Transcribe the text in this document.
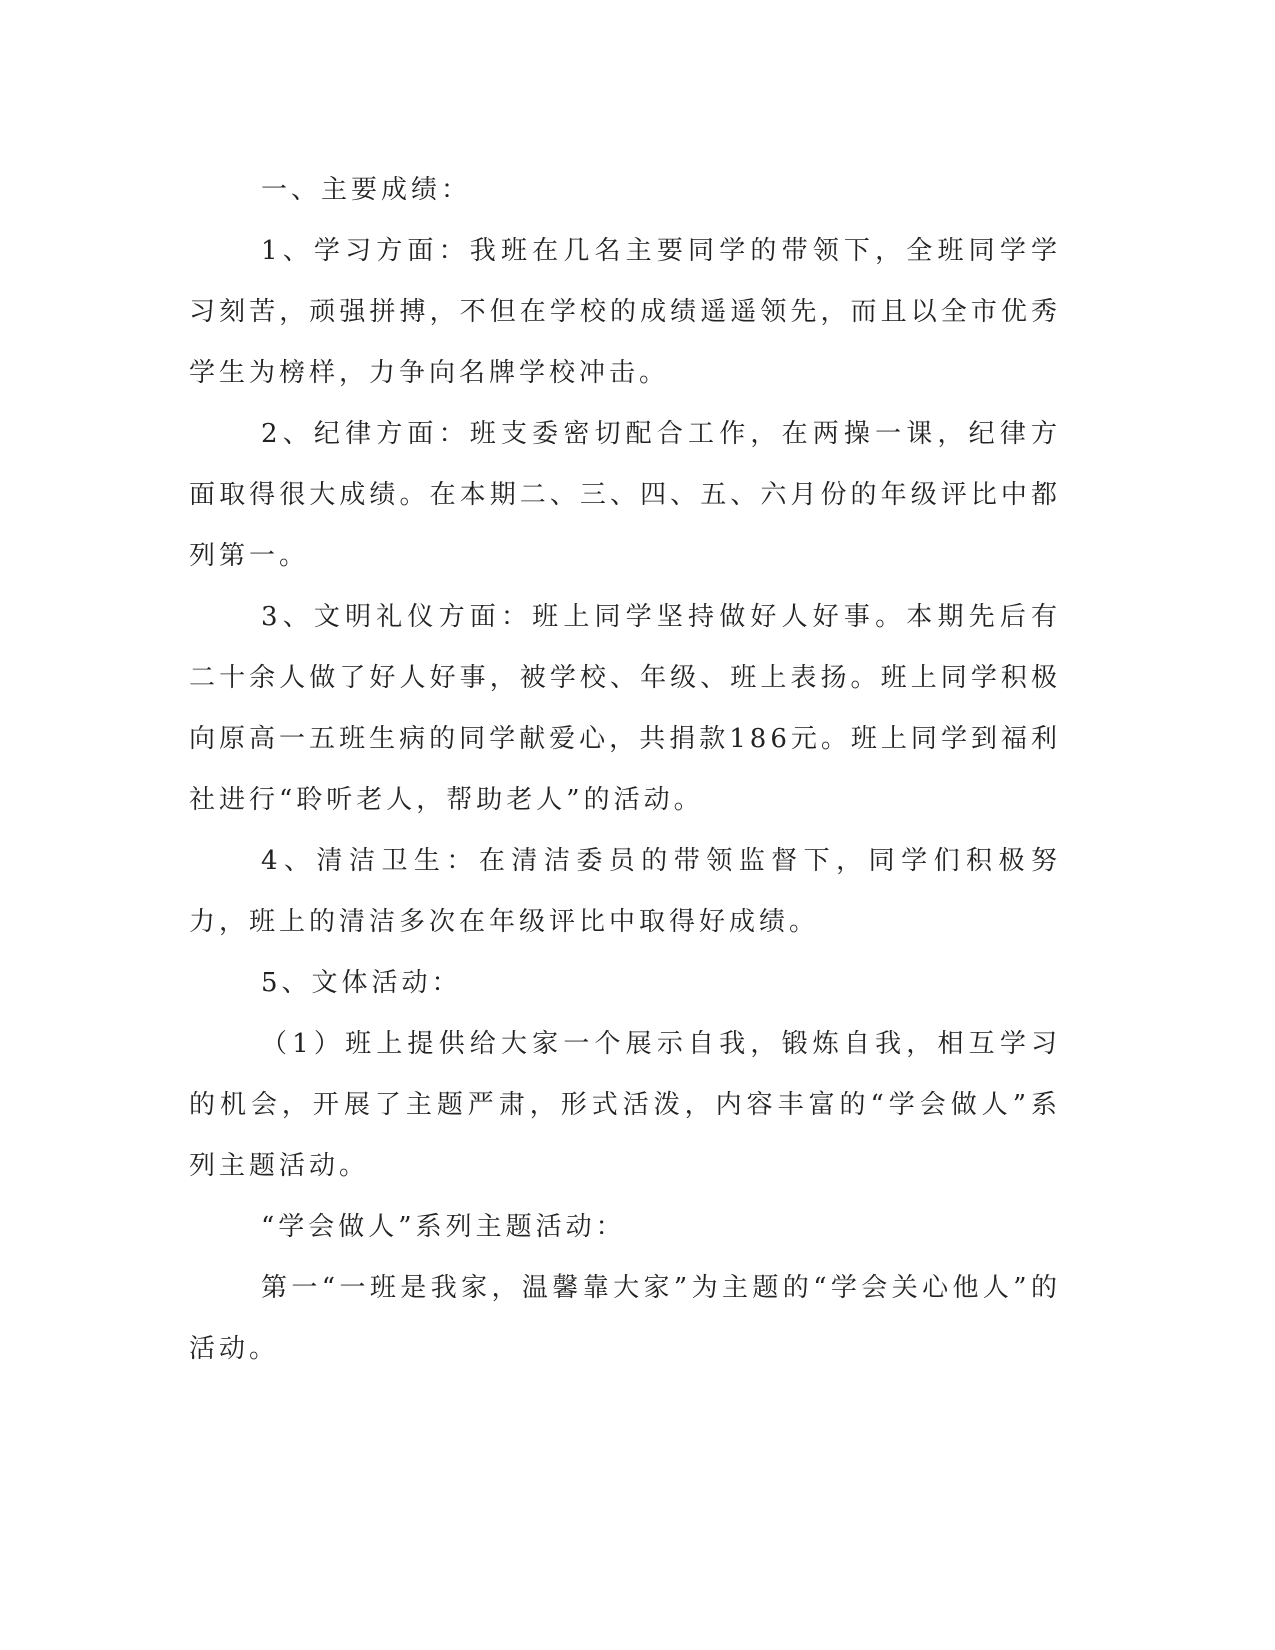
一、主要成绩：

1、学习方面：我班在几名主要同学的带领下，全班同学学习刻苦，顽强拼搏，不但在学校的成绩遥遥领先，而且以全市优秀学生为榜样，力争向名牌学校冲击。

2、纪律方面：班支委密切配合工作，在两操一课，纪律方面取得很大成绩。在本期二、三、四、五、六月份的年级评比中都列第一。

3、文明礼仪方面：班上同学坚持做好人好事。本期先后有二十余人做了好人好事，被学校、年级、班上表扬。班上同学积极向原高一五班生病的同学献爱心，共捐款186元。班上同学到福利社进行“聆听老人，帮助老人”的活动。

4、清洁卫生：在清洁委员的带领监督下，同学们积极努力，班上的清洁多次在年级评比中取得好成绩。

5、文体活动：

（1）班上提供给大家一个展示自我，锻炼自我，相互学习的机会，开展了主题严肃，形式活泼，内容丰富的“学会做人”系列主题活动。

“学会做人”系列主题活动：

第一“一班是我家，温馨靠大家”为主题的“学会关心他人”的活动。
